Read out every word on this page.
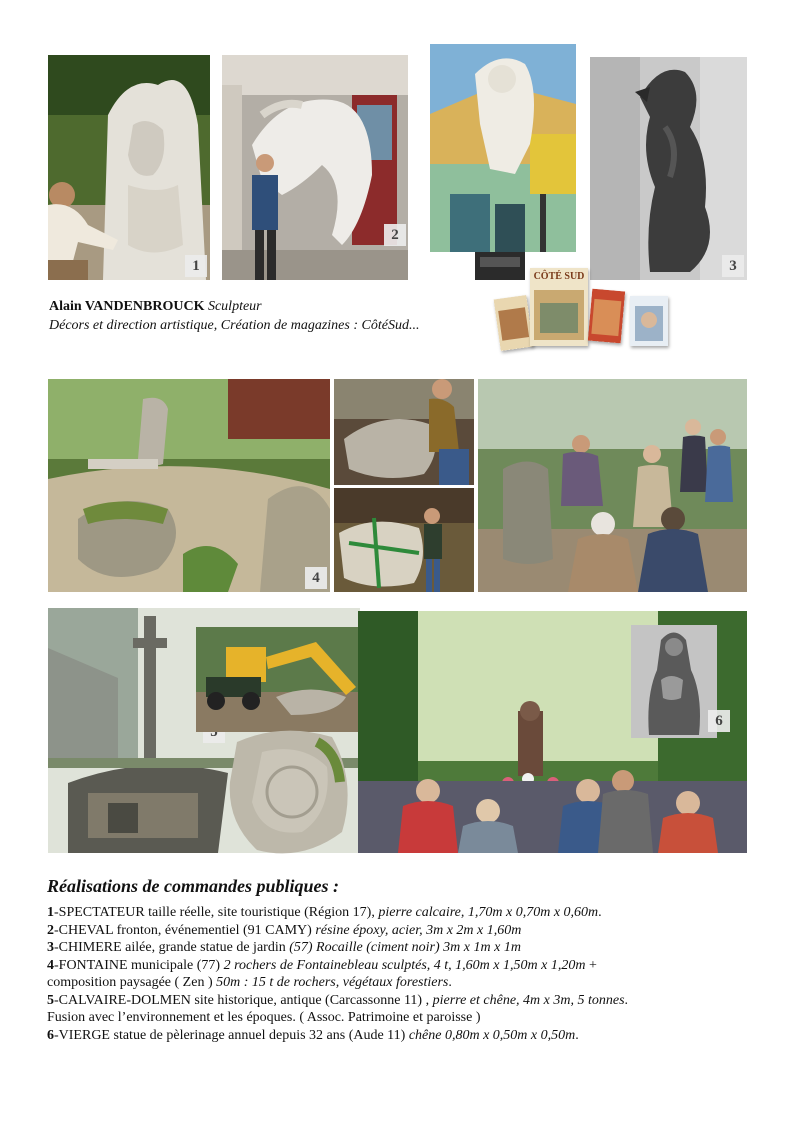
1
2
3
CÔTÉ SUD
Alain VANDENBROUCK Sculpteur
Décors et direction artistique, Création de magazines : CôtéSud...
4
6
Réalisations de commandes publiques :

1-SPECTATEUR taille réelle, site touristique (Région 17), pierre calcaire, 1,70m x 0,70m x 0,60m.

2-CHEVAL fronton, événementiel (91 CAMY) résine époxy, acier, 3m x 2m x 1,60m

3-CHIMERE ailée, grande statue de jardin (57) Rocaille (ciment noir) 3m x 1m x 1m

4-FONTAINE municipale (77) 2 rochers de Fontainebleau sculptés, 4 t, 1,60m x 1,50m x 1,20m +

composition paysagée ( Zen ) 50m : 15 t de rochers, végétaux forestiers.

5-CALVAIRE-DOLMEN site historique, antique (Carcassonne 11) , pierre et chêne, 4m x 3m, 5 tonnes.

Fusion avec l’environnement et les époques. ( Assoc. Patrimoine et paroisse )

6-VIERGE statue de pèlerinage annuel depuis 32 ans (Aude 11) chêne 0,80m x 0,50m x 0,50m.
